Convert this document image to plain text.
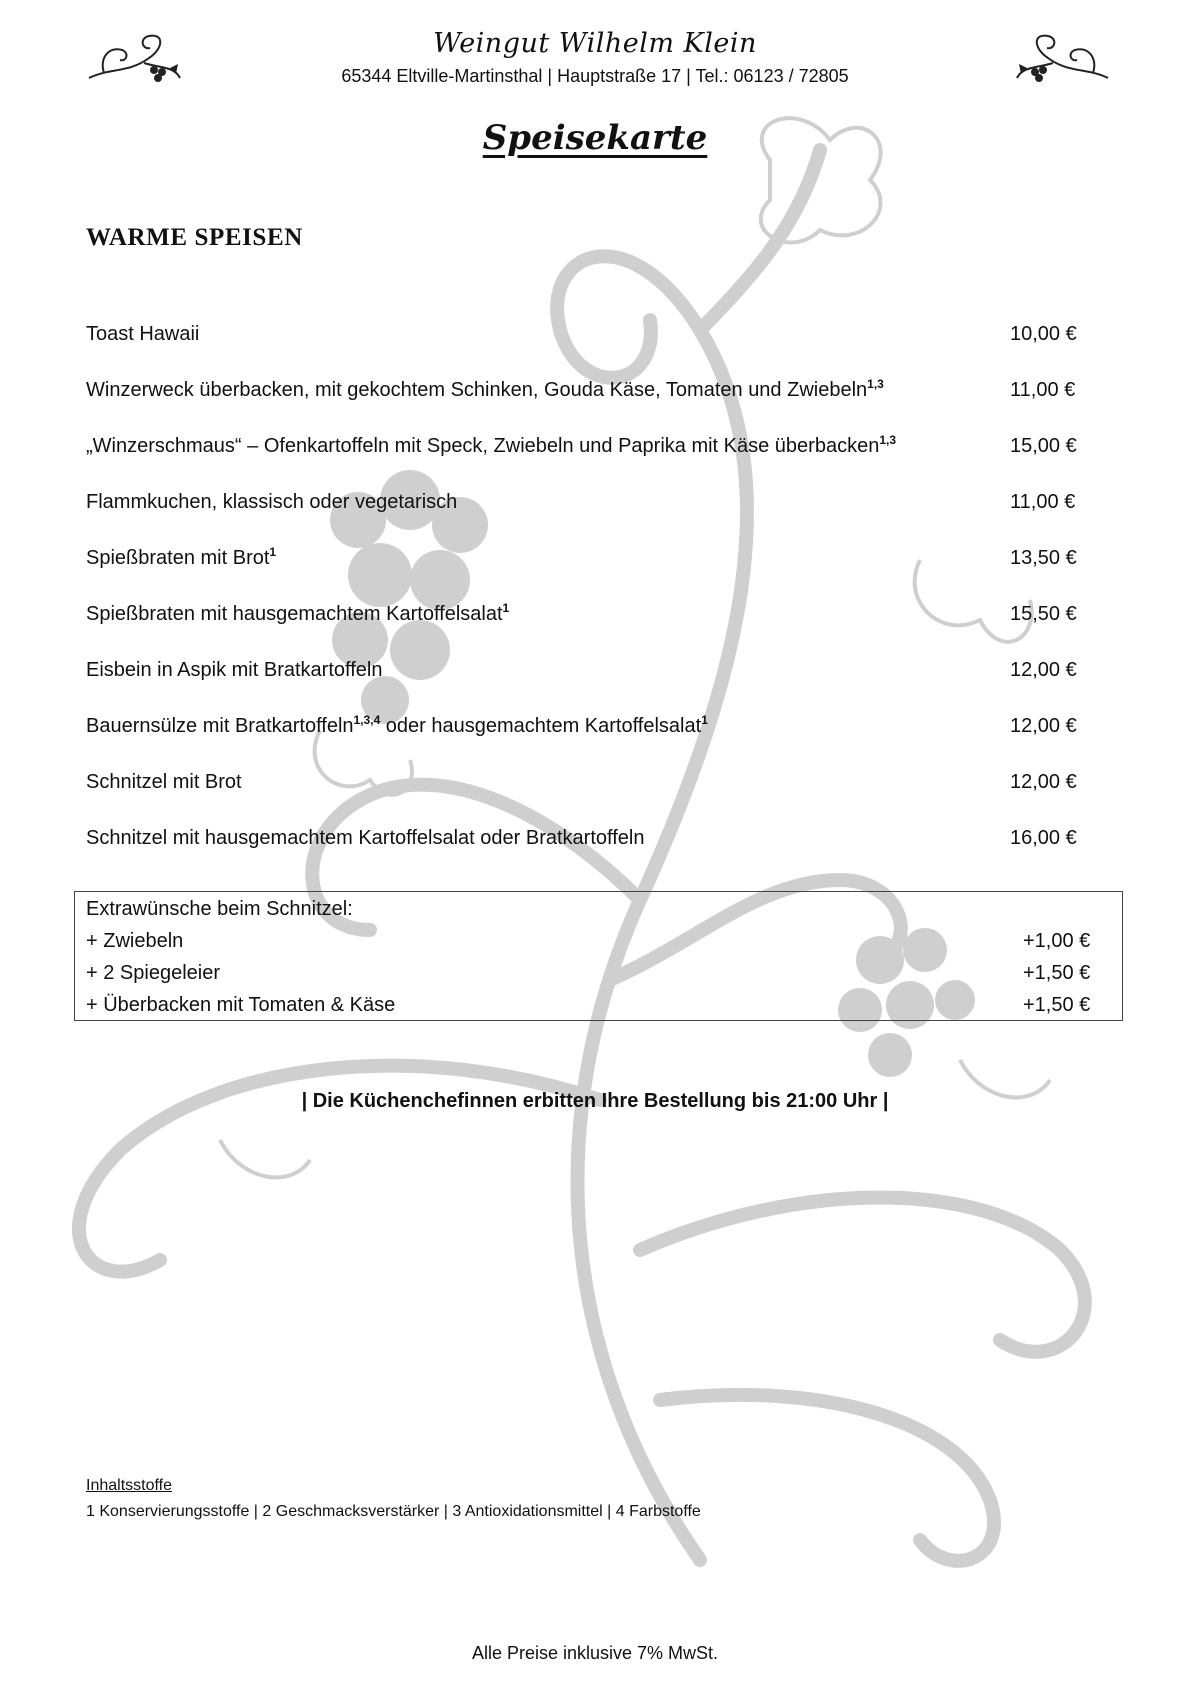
Weingut Wilhelm Klein
65344 Eltville-Martinsthal | Hauptstraße 17 | Tel.: 06123 / 72805
Speisekarte
WARME SPEISEN
Toast Hawaii	10,00 €
Winzerweck überbacken, mit gekochtem Schinken, Gouda Käse, Tomaten und Zwiebeln$^{1,3}$	11,00 €
„Winzerschmaus“ – Ofenkartoffeln mit Speck, Zwiebeln und Paprika mit Käse überbacken$^{1,3}$	15,00 €
Flammkuchen, klassisch oder vegetarisch	11,00 €
Spießbraten mit Brot$^1$	13,50 €
Spießbraten mit hausgemachtem Kartoffelsalat$^1$	15,50 €
Eisbein in Aspik mit Bratkartoffeln	12,00 €
Bauernsülze mit Bratkartoffeln$^{1,3,4}$ oder hausgemachtem Kartoffelsalat$^1$	12,00 €
Schnitzel mit Brot	12,00 €
Schnitzel mit hausgemachtem Kartoffelsalat oder Bratkartoffeln	16,00 €
Extrawünsche beim Schnitzel:
+ Zwiebeln	+1,00 €
+ 2 Spiegeleier	+1,50 €
+ Überbacken mit Tomaten & Käse	+1,50 €
| Die Küchenchefinnen erbitten Ihre Bestellung bis 21:00 Uhr |
Inhaltsstoffe
1 Konservierungsstoffe | 2 Geschmacksverstärker | 3 Antioxidationsmittel | 4 Farbstoffe
Alle Preise inklusive 7% MwSt.
